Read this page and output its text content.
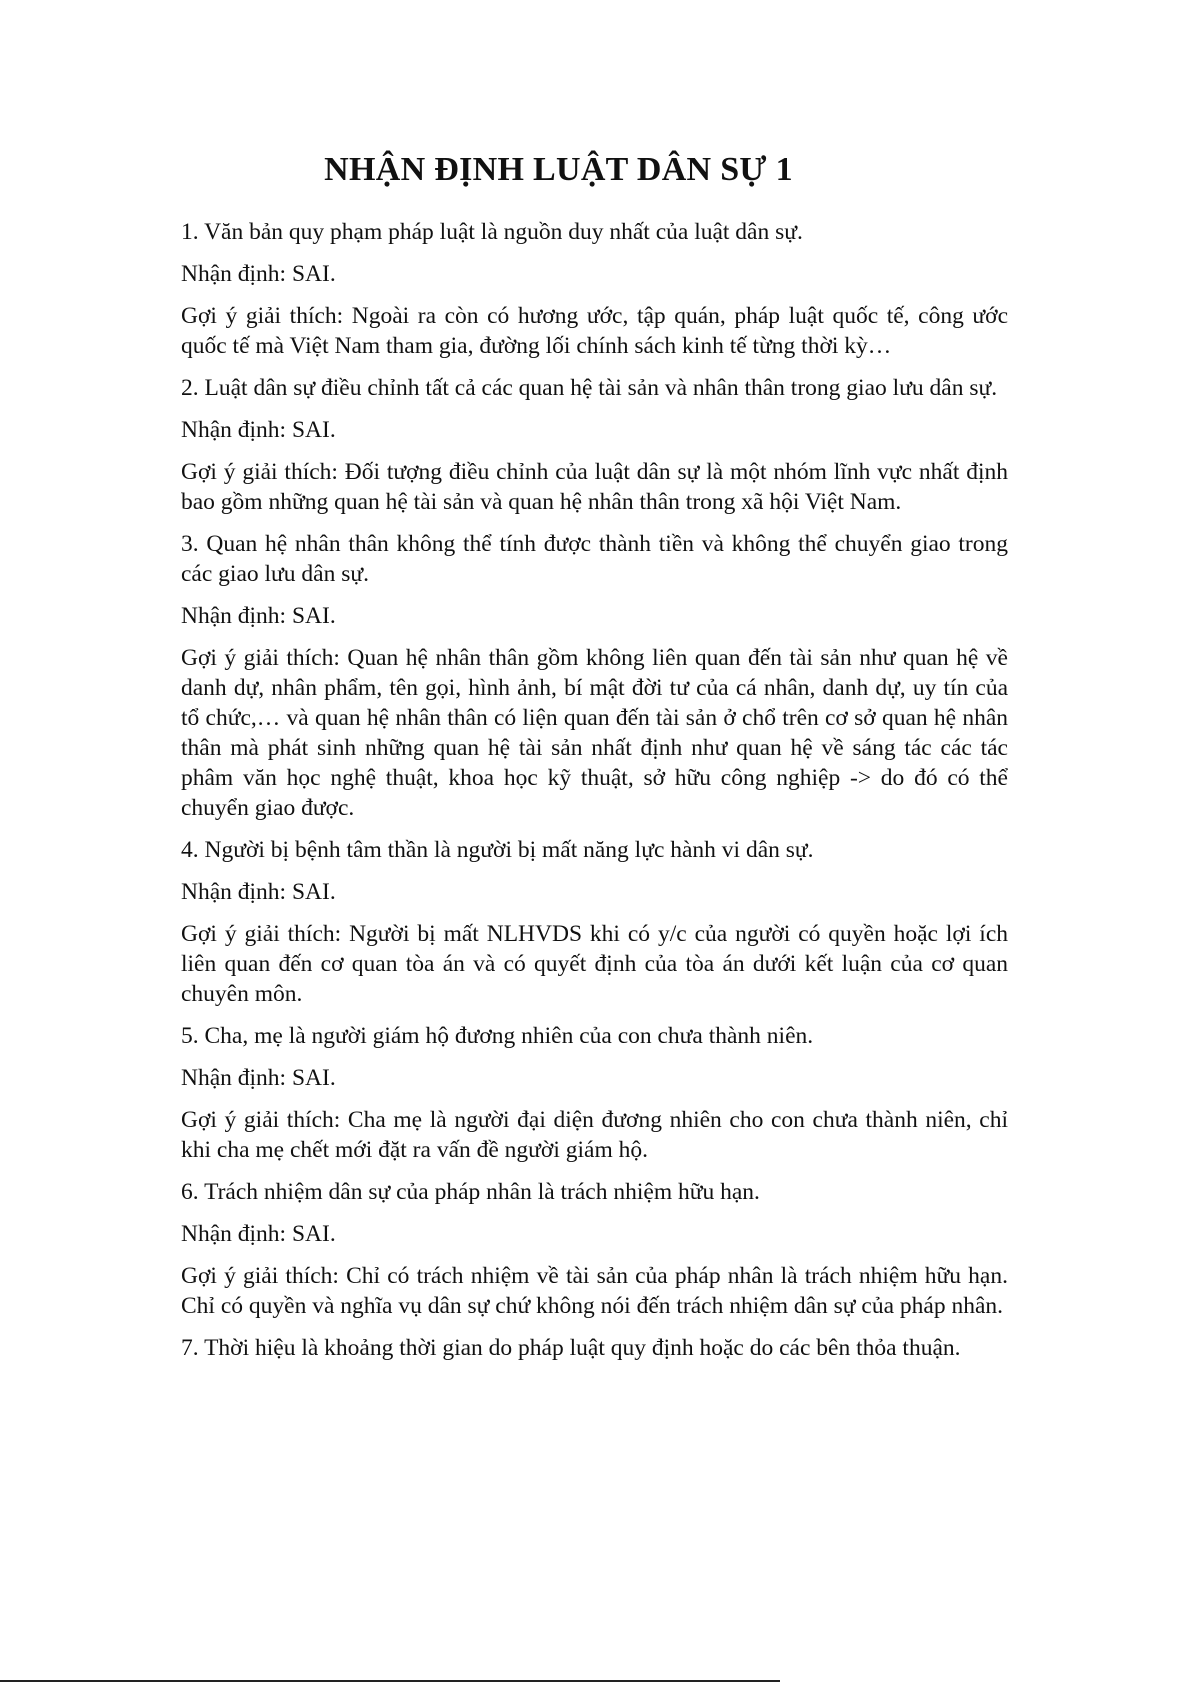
NHẬN ĐỊNH LUẬT DÂN SỰ 1

1. Văn bản quy phạm pháp luật là nguồn duy nhất của luật dân sự.

Nhận định: SAI.

Gợi ý giải thích: Ngoài ra còn có hương ước, tập quán, pháp luật quốc tế, công ước quốc tế mà Việt Nam tham gia, đường lối chính sách kinh tế từng thời kỳ…

2. Luật dân sự điều chỉnh tất cả các quan hệ tài sản và nhân thân trong giao lưu dân sự.

Nhận định: SAI.

Gợi ý giải thích: Đối tượng điều chỉnh của luật dân sự là một nhóm lĩnh vực nhất định bao gồm những quan hệ tài sản và quan hệ nhân thân trong xã hội Việt Nam.

3. Quan hệ nhân thân không thể tính được thành tiền và không thể chuyển giao trong các giao lưu dân sự.

Nhận định: SAI.

Gợi ý giải thích: Quan hệ nhân thân gồm không liên quan đến tài sản như quan hệ về danh dự, nhân phẩm, tên gọi, hình ảnh, bí mật đời tư của cá nhân, danh dự, uy tín của tổ chức,… và quan hệ nhân thân có liện quan đến tài sản ở chổ trên cơ sở quan hệ nhân thân mà phát sinh những quan hệ tài sản nhất định như quan hệ về sáng tác các tác phâm văn học nghệ thuật, khoa học kỹ thuật, sở hữu công nghiệp -> do đó có thể chuyển giao được.

4. Người bị bệnh tâm thần là người bị mất năng lực hành vi dân sự.

Nhận định: SAI.

Gợi ý giải thích: Người bị mất NLHVDS khi có y/c của người có quyền hoặc lợi ích liên quan đến cơ quan tòa án và có quyết định của tòa án dưới kết luận của cơ quan chuyên môn.

5. Cha, mẹ là người giám hộ đương nhiên của con chưa thành niên.

Nhận định: SAI.

Gợi ý giải thích: Cha mẹ là người đại diện đương nhiên cho con chưa thành niên, chỉ khi cha mẹ chết mới đặt ra vấn đề người giám hộ.

6. Trách nhiệm dân sự của pháp nhân là trách nhiệm hữu hạn.

Nhận định: SAI.

Gợi ý giải thích: Chỉ có trách nhiệm về tài sản của pháp nhân là trách nhiệm hữu hạn. Chỉ có quyền và nghĩa vụ dân sự chứ không nói đến trách nhiệm dân sự của pháp nhân.

7. Thời hiệu là khoảng thời gian do pháp luật quy định hoặc do các bên thỏa thuận.
